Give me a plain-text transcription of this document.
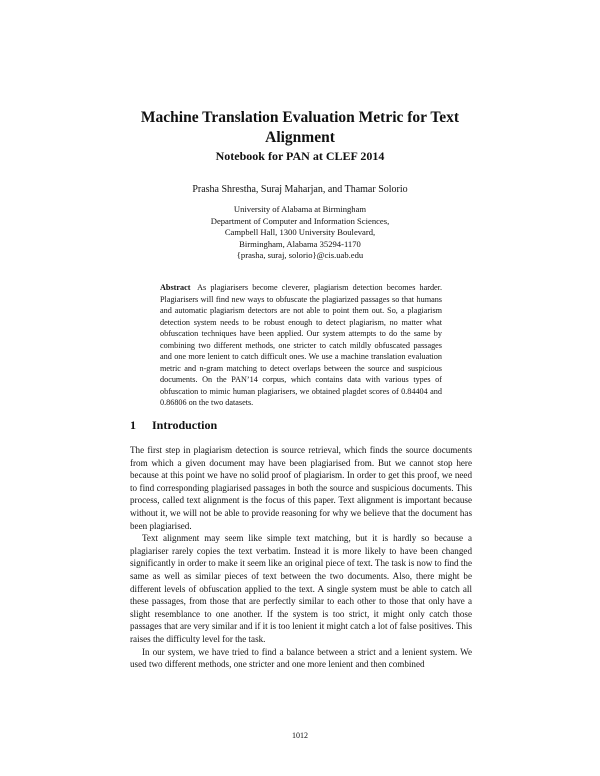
Machine Translation Evaluation Metric for Text Alignment
Notebook for PAN at CLEF 2014
Prasha Shrestha, Suraj Maharjan, and Thamar Solorio
University of Alabama at Birmingham
Department of Computer and Information Sciences,
Campbell Hall, 1300 University Boulevard,
Birmingham, Alabama 35294-1170
{prasha, suraj, solorio}@cis.uab.edu
Abstract As plagiarisers become cleverer, plagiarism detection becomes harder. Plagiarisers will find new ways to obfuscate the plagiarized passages so that humans and automatic plagiarism detectors are not able to point them out. So, a plagiarism detection system needs to be robust enough to detect plagiarism, no matter what obfuscation techniques have been applied. Our system attempts to do the same by combining two different methods, one stricter to catch mildly obfuscated passages and one more lenient to catch difficult ones. We use a machine translation evaluation metric and n-gram matching to detect overlaps between the source and suspicious documents. On the PAN’14 corpus, which contains data with various types of obfuscation to mimic human plagiarisers, we obtained plagdet scores of 0.84404 and 0.86806 on the two datasets.
1 Introduction

The first step in plagiarism detection is source retrieval, which finds the source documents from which a given document may have been plagiarised from. But we cannot stop here because at this point we have no solid proof of plagiarism. In order to get this proof, we need to find corresponding plagiarised passages in both the source and suspicious documents. This process, called text alignment is the focus of this paper. Text alignment is important because without it, we will not be able to provide reasoning for why we believe that the document has been plagiarised.

Text alignment may seem like simple text matching, but it is hardly so because a plagiariser rarely copies the text verbatim. Instead it is more likely to have been changed significantly in order to make it seem like an original piece of text. The task is now to find the same as well as similar pieces of text between the two documents. Also, there might be different levels of obfuscation applied to the text. A single system must be able to catch all these passages, from those that are perfectly similar to each other to those that only have a slight resemblance to one another. If the system is too strict, it might only catch those passages that are very similar and if it is too lenient it might catch a lot of false positives. This raises the difficulty level for the task.

In our system, we have tried to find a balance between a strict and a lenient system. We used two different methods, one stricter and one more lenient and then combined

1012
